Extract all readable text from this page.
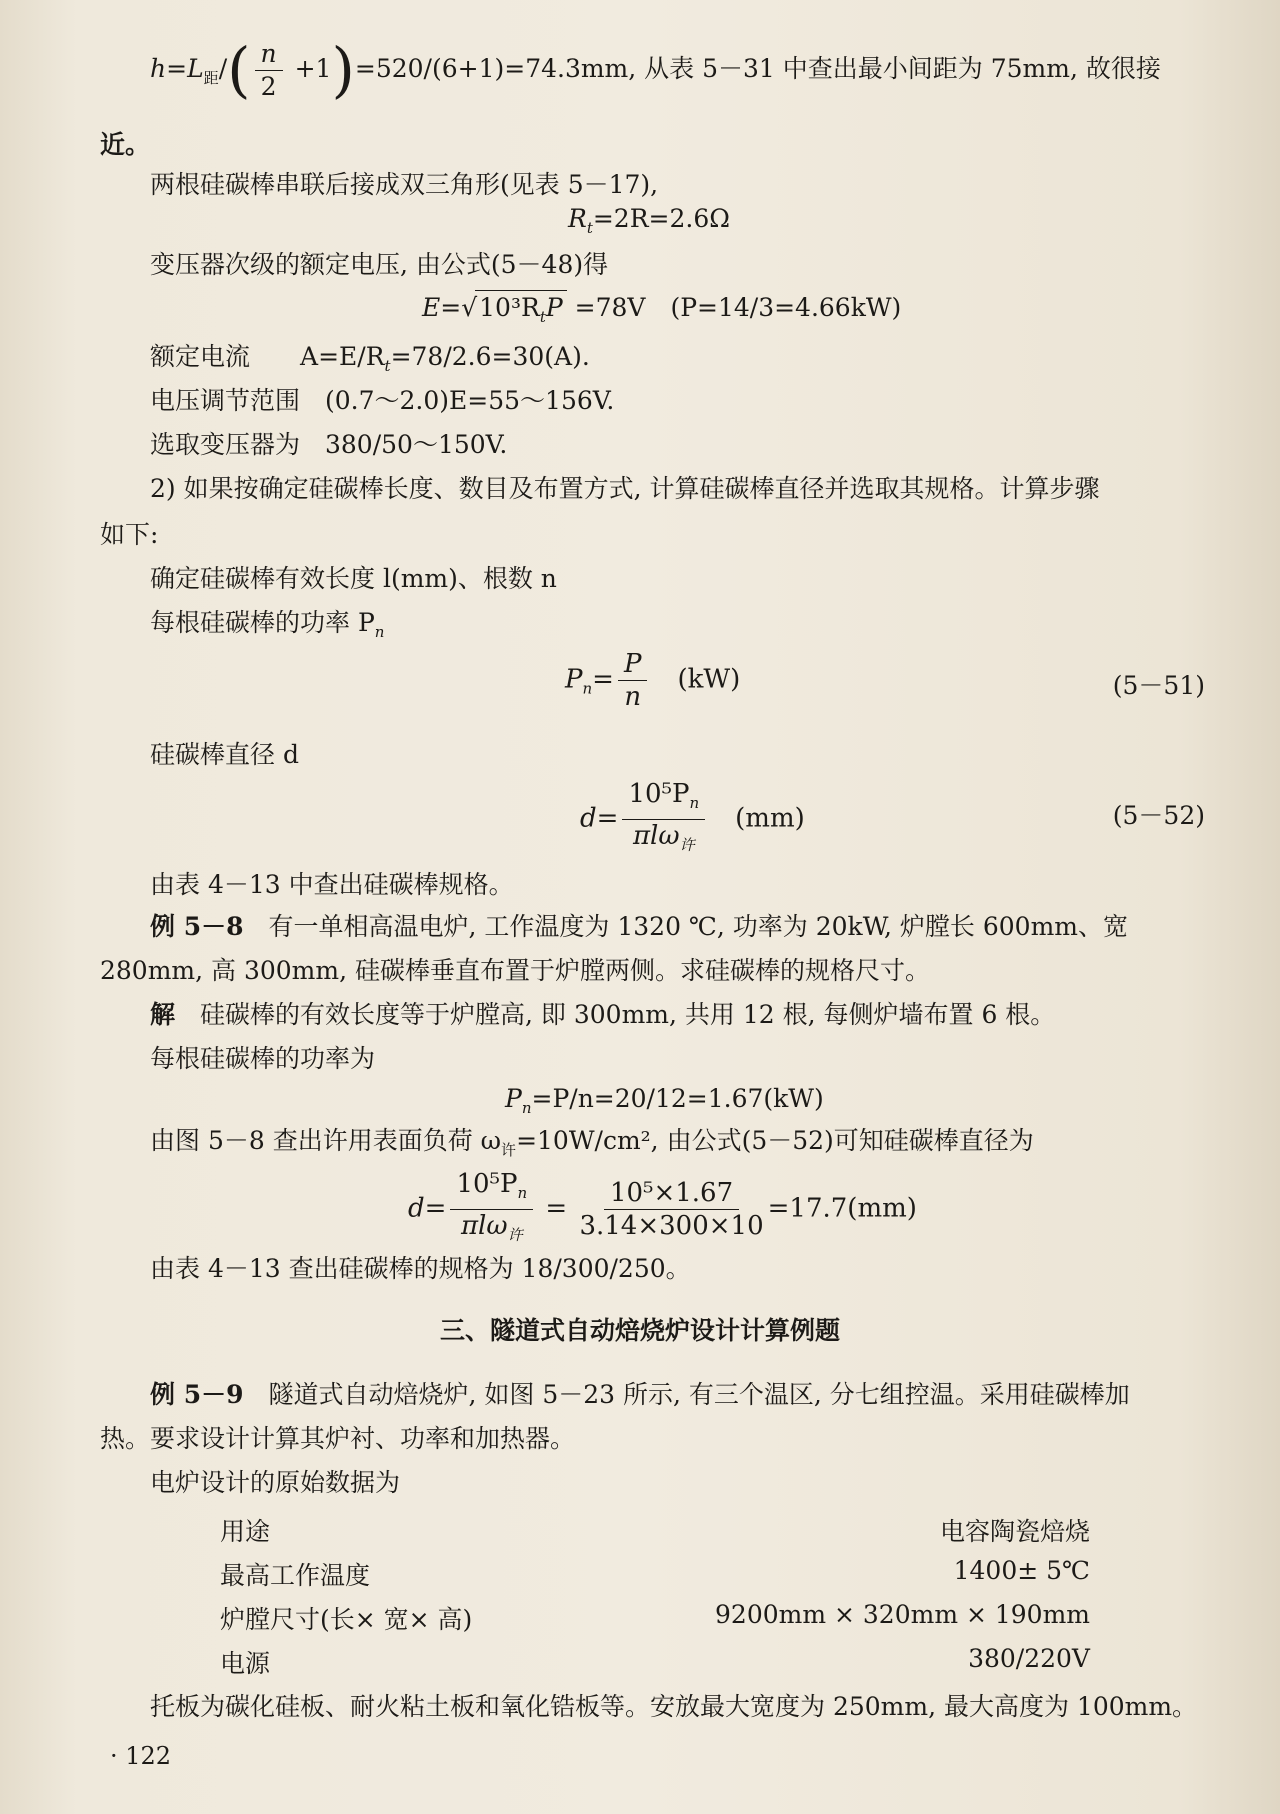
$h=L_距/( \frac{n}{2} +1)=520/(6+1)=74.3mm$, 从表 5－31 中查出最小间距为 75mm, 故很接
近。
两根硅碳棒串联后接成双三角形(见表 5－17),
$R_t=2R=2.6\Omega$
变压器次级的额定电压, 由公式(5－48)得
$E=√10^3R_tP =78V$　(P=14/3=4.66kW)
额定电流　　 $A=E/R_t=78/2.6=30(A)$.
电压调节范围　(0.7～2.0)E=55～156V.
选取变压器为　380/50～150V.
2) 如果按确定硅碳棒长度、数目及布置方式, 计算硅碳棒直径并选取其规格。计算步骤
如下:
确定硅碳棒有效长度 l(mm)、根数 n
每根硅碳棒的功率 $P_n$
$P_n= \frac{P}{n}$
　 (kW)	(5－51)
硅碳棒直径 d
$d= \frac{10^5P_n}{\pi l\omega_许}$
　 (mm)	(5－52)
由表 4－13 中查出硅碳棒规格。
例 5－8　 有一单相高温电炉, 工作温度为 1320 ℃, 功率为 20kW, 炉膛长 600mm、宽
280mm, 高 300mm, 硅碳棒垂直布置于炉膛两侧。求硅碳棒的规格尺寸。
解　 硅碳棒的有效长度等于炉膛高, 即 300mm, 共用 12 根, 每侧炉墙布置 6 根。
每根硅碳棒的功率为
$P_n=P/n=20/12=1.67(kW)$
由图 5－8 查出许用表面负荷 $\omega_许=10W$/cm², 由公式(5－52)可知硅碳棒直径为
$d= \frac{10^5P_n}{\pi l\omega_许} = \frac{\text{10⁵×1.67}}{3.14\times 300\times 10} =17.7(mm)$
由表 4－13 查出硅碳棒的规格为 18/300/250。
三、隧道式自动焙烧炉设计计算例题
例 5－9　 隧道式自动焙烧炉, 如图 5－23 所示, 有三个温区, 分七组控温。采用硅碳棒加
热。要求设计计算其炉衬、功率和加热器。
电炉设计的原始数据为
用途	电容陶瓷焙烧
最高工作温度	1400± 5℃
炉膛尺寸(长× 宽× 高)	9200mm × 320mm × 190mm
电源	380/220V
托板为碳化硅板、耐火粘土板和氧化锆板等。安放最大宽度为 250mm, 最大高度为 100mm。
· 122
